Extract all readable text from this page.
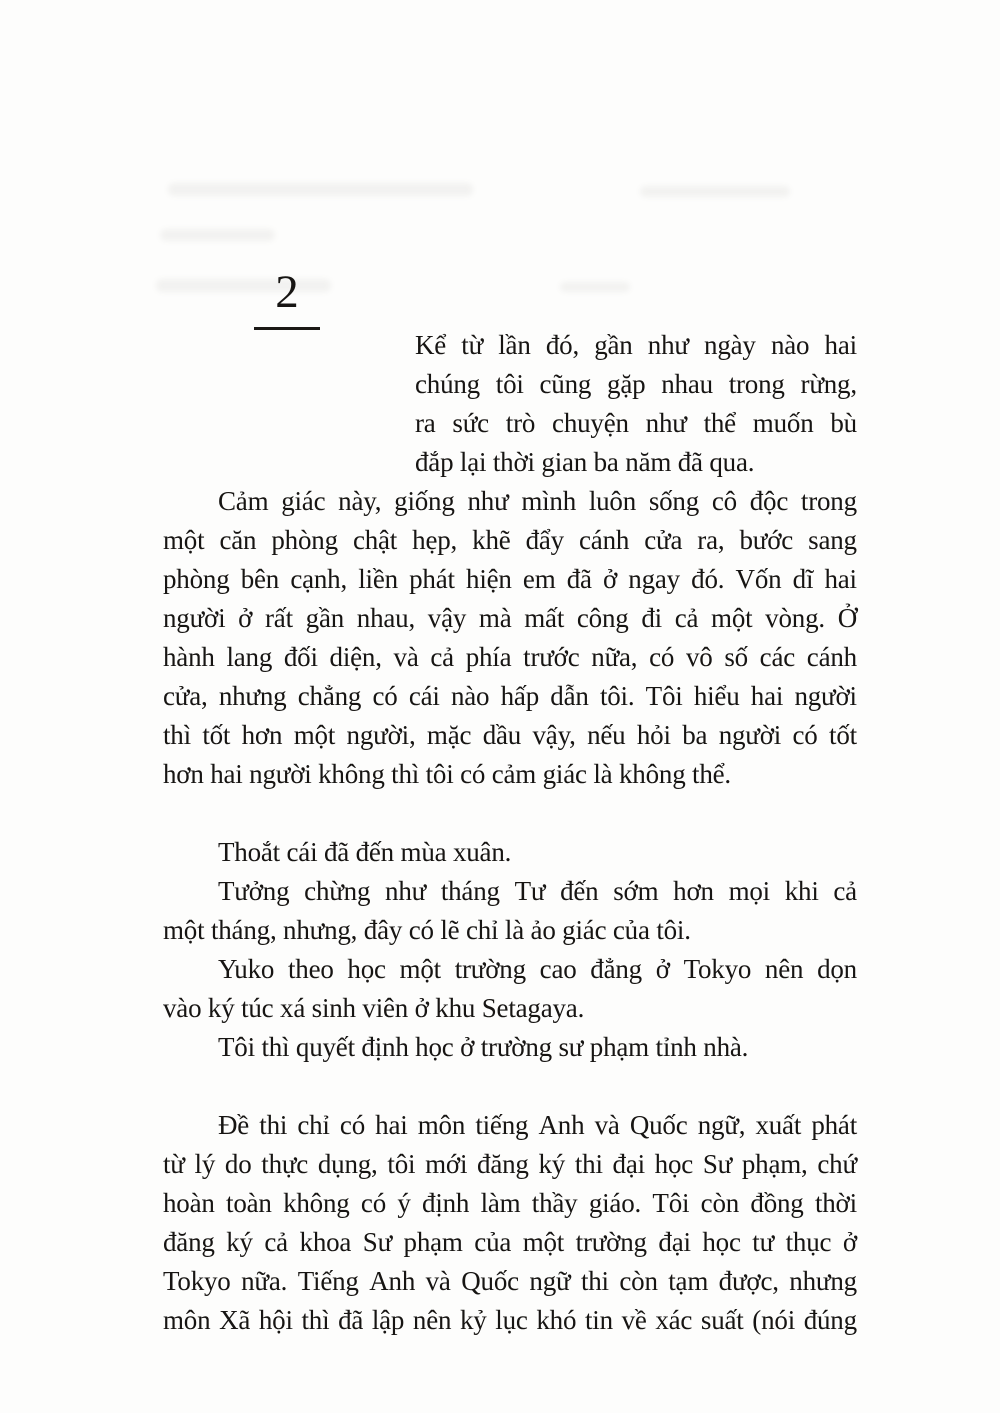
2
Kể từ lần đó, gần như ngày nào hai
chúng tôi cũng gặp nhau trong rừng,
ra sức trò chuyện như thể muốn bù
đắp lại thời gian ba năm đã qua.
Cảm giác này, giống như mình luôn sống cô độc trong
một căn phòng chật hẹp, khẽ đẩy cánh cửa ra, bước sang
phòng bên cạnh, liền phát hiện em đã ở ngay đó. Vốn dĩ hai
người ở rất gần nhau, vậy mà mất công đi cả một vòng. Ở
hành lang đối diện, và cả phía trước nữa, có vô số các cánh
cửa, nhưng chẳng có cái nào hấp dẫn tôi. Tôi hiểu hai người
thì tốt hơn một người, mặc dầu vậy, nếu hỏi ba người có tốt
hơn hai người không thì tôi có cảm giác là không thể.
Thoắt cái đã đến mùa xuân.
Tưởng chừng như tháng Tư đến sớm hơn mọi khi cả
một tháng, nhưng, đây có lẽ chỉ là ảo giác của tôi.
Yuko theo học một trường cao đẳng ở Tokyo nên dọn
vào ký túc xá sinh viên ở khu Setagaya.
Tôi thì quyết định học ở trường sư phạm tỉnh nhà.
Đề thi chỉ có hai môn tiếng Anh và Quốc ngữ, xuất phát
từ lý do thực dụng, tôi mới đăng ký thi đại học Sư phạm, chứ
hoàn toàn không có ý định làm thầy giáo. Tôi còn đồng thời
đăng ký cả khoa Sư phạm của một trường đại học tư thục ở
Tokyo nữa. Tiếng Anh và Quốc ngữ thi còn tạm được, nhưng
môn Xã hội thì đã lập nên kỷ lục khó tin về xác suất (nói đúng
